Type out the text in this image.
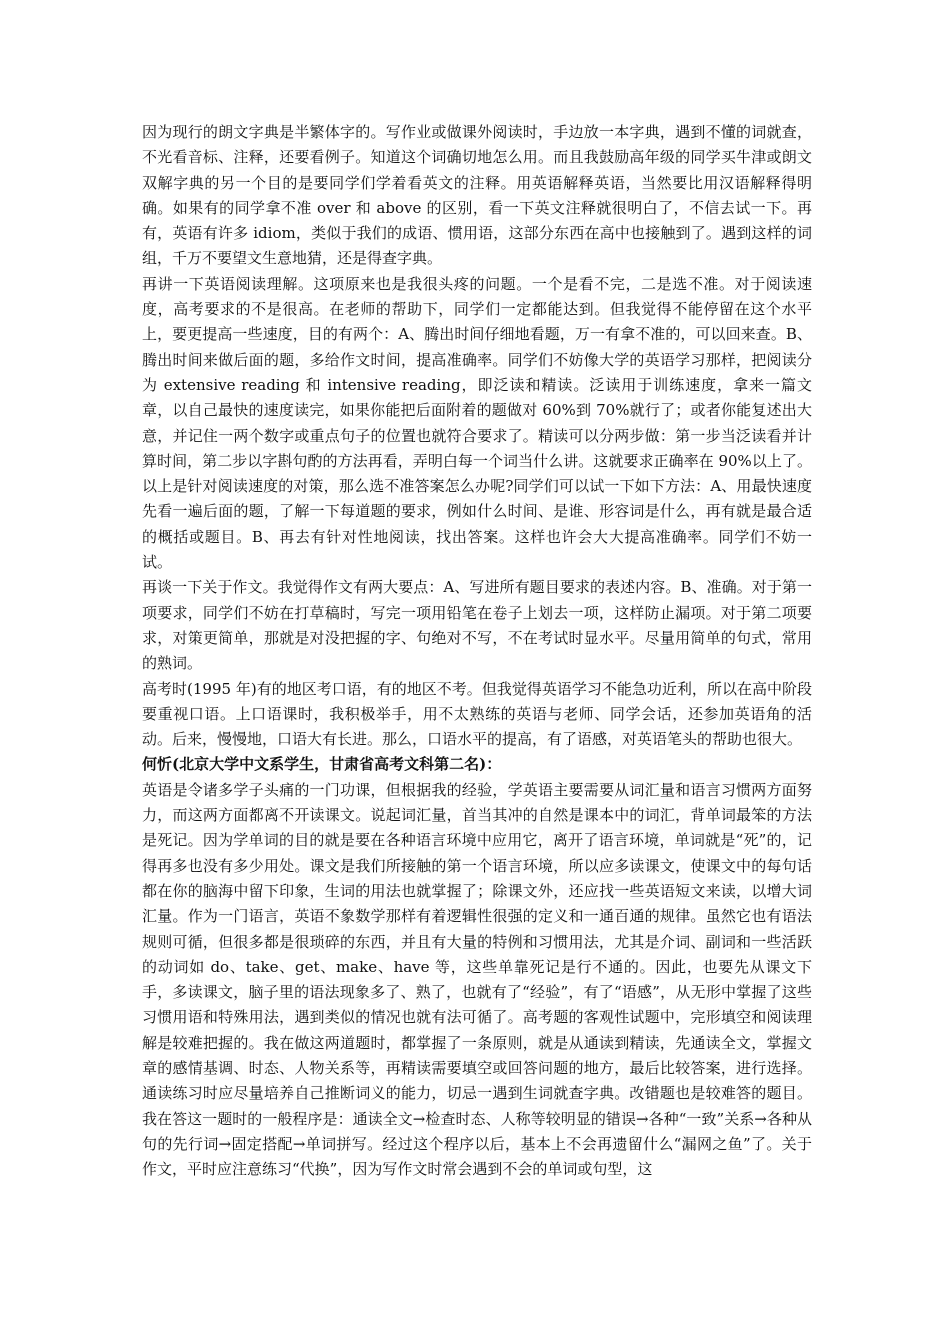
因为现行的朗文字典是半繁体字的。写作业或做课外阅读时，手边放一本字典，遇到不懂的词就查，不光看音标、注释，还要看例子。知道这个词确切地怎么用。而且我鼓励高年级的同学买牛津或朗文双解字典的另一个目的是要同学们学着看英文的注释。用英语解释英语，当然要比用汉语解释得明确。如果有的同学拿不准 over 和 above 的区别，看一下英文注释就很明白了，不信去试一下。再有，英语有许多 idiom，类似于我们的成语、惯用语，这部分东西在高中也接触到了。遇到这样的词组，千万不要望文生意地猜，还是得查字典。

再讲一下英语阅读理解。这项原来也是我很头疼的问题。一个是看不完，二是选不准。对于阅读速度，高考要求的不是很高。在老师的帮助下，同学们一定都能达到。但我觉得不能停留在这个水平上，要更提高一些速度，目的有两个：A、腾出时间仔细地看题，万一有拿不准的，可以回来查。B、腾出时间来做后面的题，多给作文时间，提高准确率。同学们不妨像大学的英语学习那样，把阅读分为 extensive reading 和 intensive reading，即泛读和精读。泛读用于训练速度，拿来一篇文章，以自己最快的速度读完，如果你能把后面附着的题做对 60%到 70%就行了；或者你能复述出大意，并记住一两个数字或重点句子的位置也就符合要求了。精读可以分两步做：第一步当泛读看并计算时间，第二步以字斟句酌的方法再看，弄明白每一个词当什么讲。这就要求正确率在 90%以上了。以上是针对阅读速度的对策，那么选不准答案怎么办呢?同学们可以试一下如下方法：A、用最快速度先看一遍后面的题，了解一下每道题的要求，例如什么时间、是谁、形容词是什么，再有就是最合适的概括或题目。B、再去有针对性地阅读，找出答案。这样也许会大大提高准确率。同学们不妨一试。

再谈一下关于作文。我觉得作文有两大要点：A、写进所有题目要求的表述内容。B、准确。对于第一项要求，同学们不妨在打草稿时，写完一项用铅笔在卷子上划去一项，这样防止漏项。对于第二项要求，对策更简单，那就是对没把握的字、句绝对不写，不在考试时显水平。尽量用简单的句式，常用的熟词。

高考时(1995 年)有的地区考口语，有的地区不考。但我觉得英语学习不能急功近利，所以在高中阶段要重视口语。上口语课时，我积极举手，用不太熟练的英语与老师、同学会话，还参加英语角的活动。后来，慢慢地，口语大有长进。那么，口语水平的提高，有了语感，对英语笔头的帮助也很大。

何忻(北京大学中文系学生，甘肃省高考文科第二名)：

英语是令诸多学子头痛的一门功课，但根据我的经验，学英语主要需要从词汇量和语言习惯两方面努力，而这两方面都离不开读课文。说起词汇量，首当其冲的自然是课本中的词汇，背单词最笨的方法是死记。因为学单词的目的就是要在各种语言环境中应用它，离开了语言环境，单词就是“死”的，记得再多也没有多少用处。课文是我们所接触的第一个语言环境，所以应多读课文，使课文中的每句话都在你的脑海中留下印象，生词的用法也就掌握了；除课文外，还应找一些英语短文来读，以增大词汇量。作为一门语言，英语不象数学那样有着逻辑性很强的定义和一通百通的规律。虽然它也有语法规则可循，但很多都是很琐碎的东西，并且有大量的特例和习惯用法，尤其是介词、副词和一些活跃的动词如 do、take、get、make、have 等，这些单靠死记是行不通的。因此，也要先从课文下手，多读课文，脑子里的语法现象多了、熟了，也就有了“经验”，有了“语感”，从无形中掌握了这些习惯用语和特殊用法，遇到类似的情况也就有法可循了。高考题的客观性试题中，完形填空和阅读理解是较难把握的。我在做这两道题时，都掌握了一条原则，就是从通读到精读，先通读全文，掌握文章的感情基调、时态、人物关系等，再精读需要填空或回答问题的地方，最后比较答案，进行选择。通读练习时应尽量培养自己推断词义的能力，切忌一遇到生词就查字典。改错题也是较难答的题目。我在答这一题时的一般程序是：通读全文→检查时态、人称等较明显的错误→各种“一致”关系→各种从句的先行词→固定搭配→单词拼写。经过这个程序以后，基本上不会再遗留什么“漏网之鱼”了。关于作文，平时应注意练习“代换”，因为写作文时常会遇到不会的单词或句型，这
